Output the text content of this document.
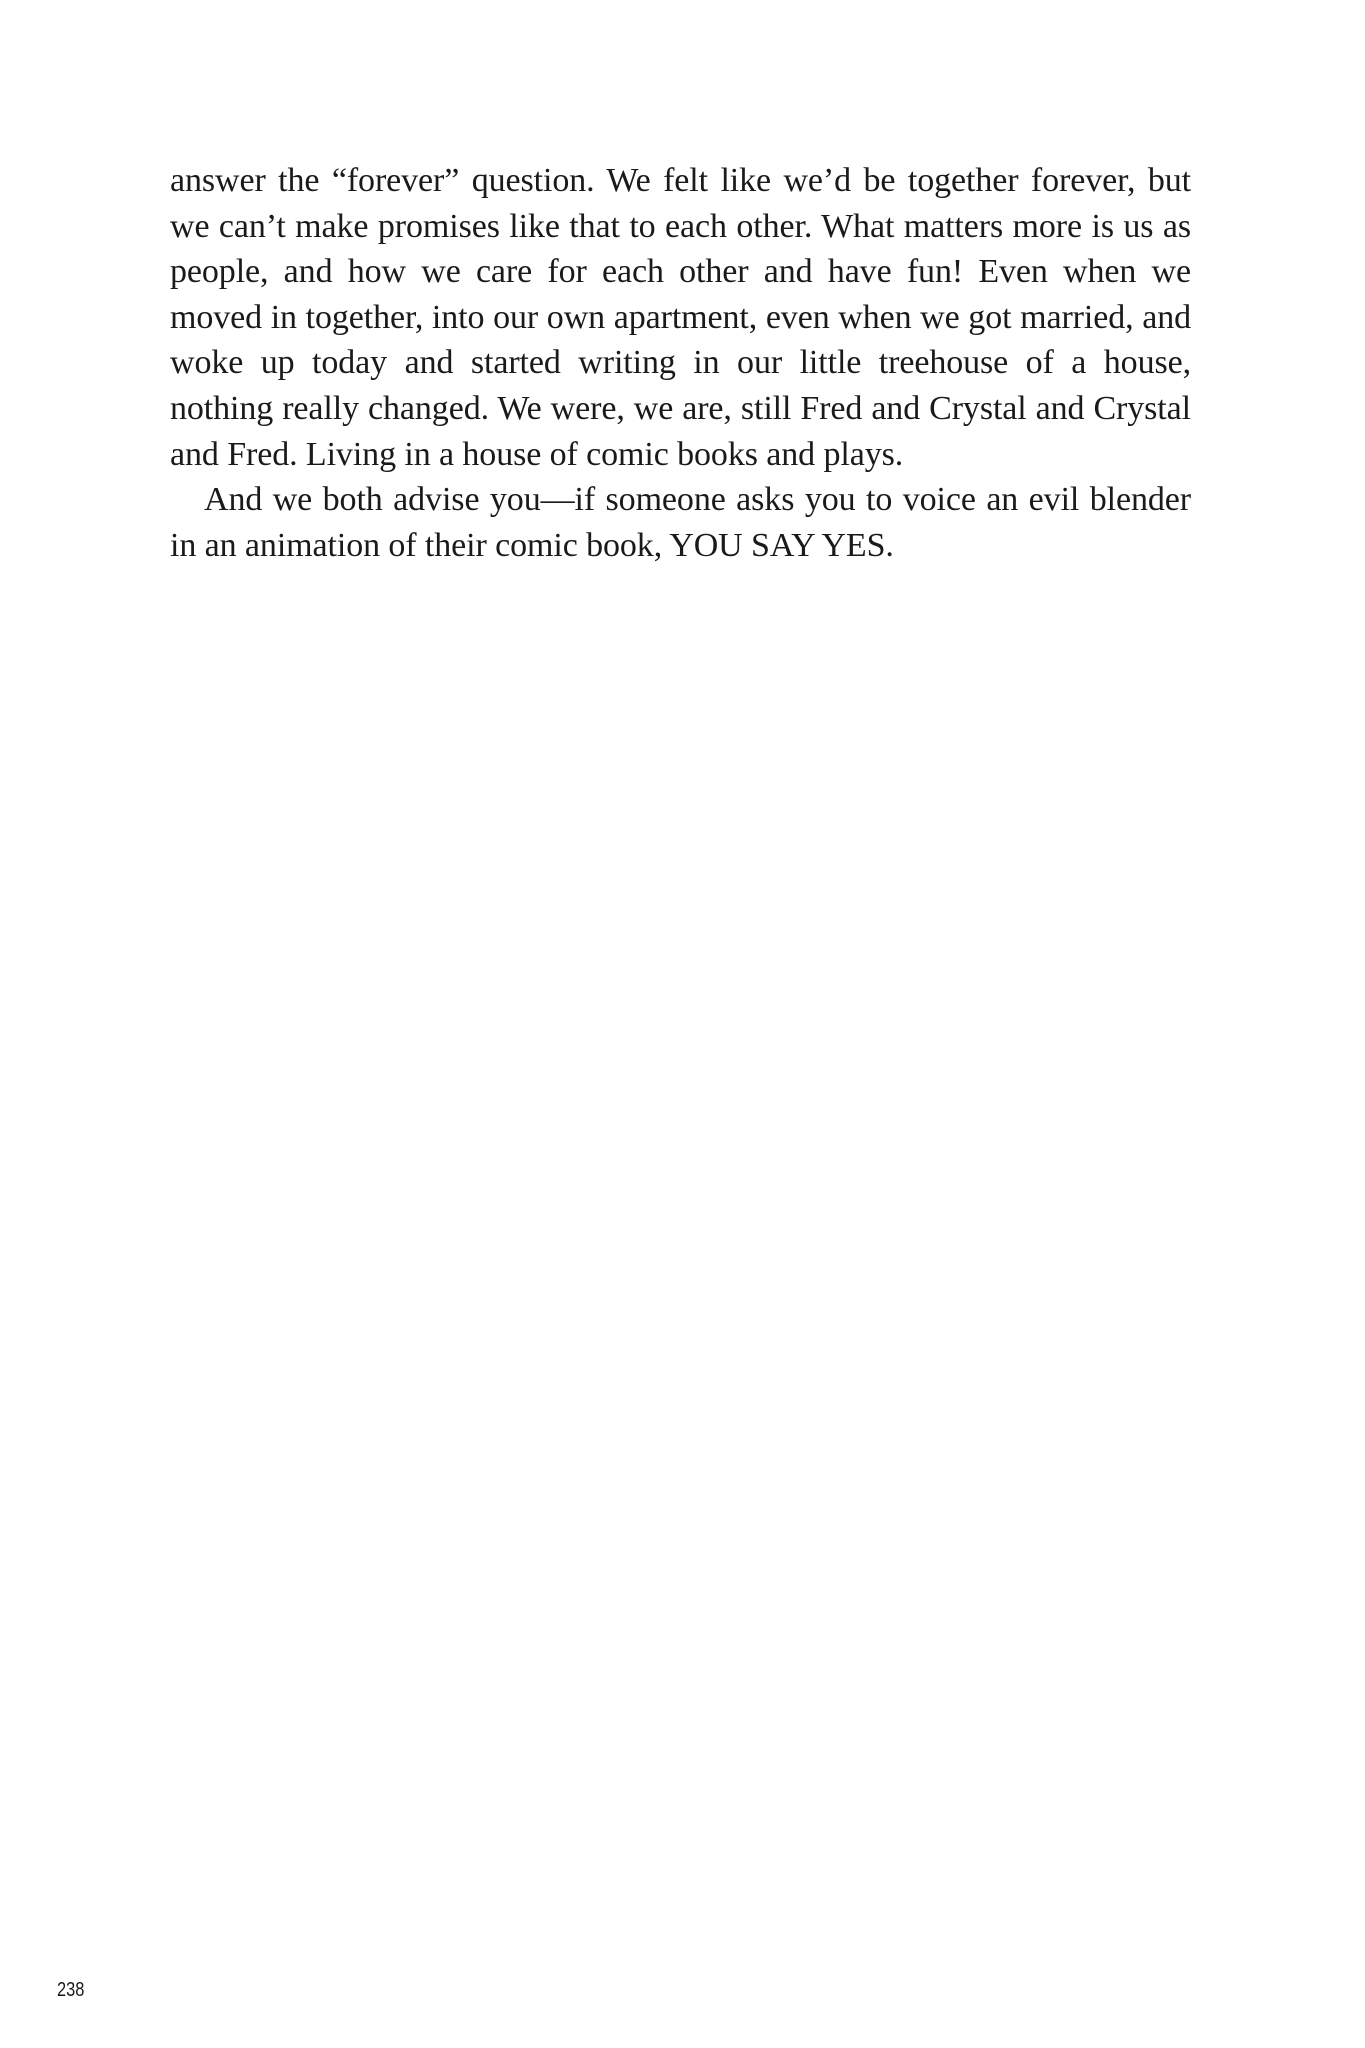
answer the “forever” question. We felt like we’d be together forever, but we can’t make promises like that to each other. What matters more is us as people, and how we care for each other and have fun! Even when we moved in together, into our own apartment, even when we got married, and woke up today and started writing in our little treehouse of a house, nothing really changed. We were, we are, still Fred and Crystal and Crystal and Fred. Living in a house of comic books and plays.

And we both advise you—if someone asks you to voice an evil blender in an animation of their comic book, YOU SAY YES.

238
